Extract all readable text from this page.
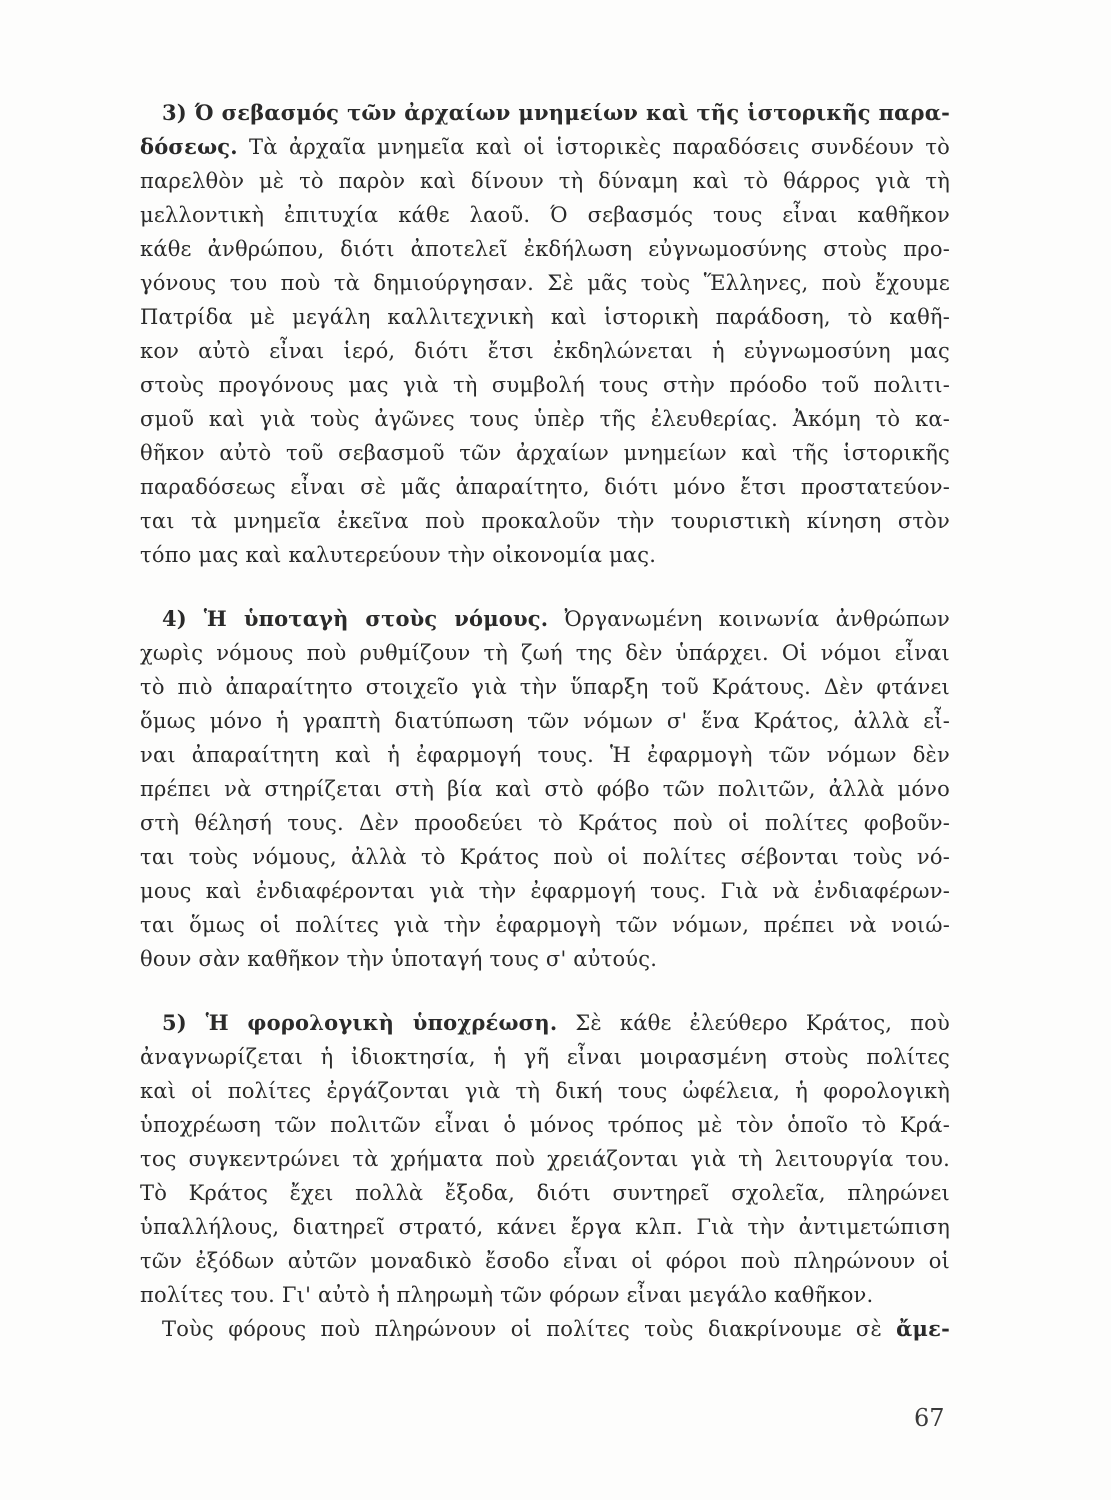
3) Ό σεβασμός τῶν ἀρχαίων μνημείων καὶ τῆς ἱστορικῆς παρα-
δόσεως. Τὰ ἀρχαῖα μνημεῖα καὶ οἱ ἱστορικὲς παραδόσεις συνδέουν τὸ
παρελθὸν μὲ τὸ παρὸν καὶ δίνουν τὴ δύναμη καὶ τὸ θάρρος γιὰ τὴ
μελλοντικὴ ἐπιτυχία κάθε λαοῦ. Ό σεβασμός τους εἶναι καθῆκον
κάθε ἀνθρώπου, διότι ἀποτελεῖ ἐκδήλωση εὐγνωμοσύνης στοὺς προ-
γόνους του ποὺ τὰ δημιούργησαν. Σὲ μᾶς τοὺς Ἕλληνες, ποὺ ἔχουμε
Πατρίδα μὲ μεγάλη καλλιτεχνικὴ καὶ ἱστορικὴ παράδοση, τὸ καθῆ-
κον αὐτὸ εἶναι ἱερό, διότι ἔτσι ἐκδηλώνεται ἡ εὐγνωμοσύνη μας
στοὺς προγόνους μας γιὰ τὴ συμβολή τους στὴν πρόοδο τοῦ πολιτι-
σμοῦ καὶ γιὰ τοὺς ἀγῶνες τους ὑπὲρ τῆς ἐλευθερίας. Ἀκόμη τὸ κα-
θῆκον αὐτὸ τοῦ σεβασμοῦ τῶν ἀρχαίων μνημείων καὶ τῆς ἱστορικῆς
παραδόσεως εἶναι σὲ μᾶς ἀπαραίτητο, διότι μόνο ἔτσι προστατεύον-
ται τὰ μνημεῖα ἐκεῖνα ποὺ προκαλοῦν τὴν τουριστικὴ κίνηση στὸν
τόπο μας καὶ καλυτερεύουν τὴν οἰκονομία μας.
4) Ἡ ὑποταγὴ στοὺς νόμους. Ὀργανωμένη κοινωνία ἀνθρώπων
χωρὶς νόμους ποὺ ρυθμίζουν τὴ ζωή της δὲν ὑπάρχει. Οἱ νόμοι εἶναι
τὸ πιὸ ἀπαραίτητο στοιχεῖο γιὰ τὴν ὕπαρξη τοῦ Κράτους. Δὲν φτάνει
ὅμως μόνο ἡ γραπτὴ διατύπωση τῶν νόμων σ' ἕνα Κράτος, ἀλλὰ εἶ-
ναι ἀπαραίτητη καὶ ἡ ἐφαρμογή τους. Ἡ ἐφαρμογὴ τῶν νόμων δὲν
πρέπει νὰ στηρίζεται στὴ βία καὶ στὸ φόβο τῶν πολιτῶν, ἀλλὰ μόνο
στὴ θέλησή τους. Δὲν προοδεύει τὸ Κράτος ποὺ οἱ πολίτες φοβοῦν-
ται τοὺς νόμους, ἀλλὰ τὸ Κράτος ποὺ οἱ πολίτες σέβονται τοὺς νό-
μους καὶ ἐνδιαφέρονται γιὰ τὴν ἐφαρμογή τους. Γιὰ νὰ ἐνδιαφέρων-
ται ὅμως οἱ πολίτες γιὰ τὴν ἐφαρμογὴ τῶν νόμων, πρέπει νὰ νοιώ-
θουν σὰν καθῆκον τὴν ὑποταγή τους σ' αὐτούς.
5) Ἡ φορολογικὴ ὑποχρέωση. Σὲ κάθε ἐλεύθερο Κράτος, ποὺ
ἀναγνωρίζεται ἡ ἰδιοκτησία, ἡ γῆ εἶναι μοιρασμένη στοὺς πολίτες
καὶ οἱ πολίτες ἐργάζονται γιὰ τὴ δική τους ὠφέλεια, ἡ φορολογικὴ
ὑποχρέωση τῶν πολιτῶν εἶναι ὁ μόνος τρόπος μὲ τὸν ὁποῖο τὸ Κρά-
τος συγκεντρώνει τὰ χρήματα ποὺ χρειάζονται γιὰ τὴ λειτουργία του.
Τὸ Κράτος ἔχει πολλὰ ἔξοδα, διότι συντηρεῖ σχολεῖα, πληρώνει
ὑπαλλήλους, διατηρεῖ στρατό, κάνει ἔργα κλπ. Γιὰ τὴν ἀντιμετώπιση
τῶν ἐξόδων αὐτῶν μοναδικὸ ἔσοδο εἶναι οἱ φόροι ποὺ πληρώνουν οἱ
πολίτες του. Γι' αὐτὸ ἡ πληρωμὴ τῶν φόρων εἶναι μεγάλο καθῆκον.
Τοὺς φόρους ποὺ πληρώνουν οἱ πολίτες τοὺς διακρίνουμε σὲ ἄμε-
67
